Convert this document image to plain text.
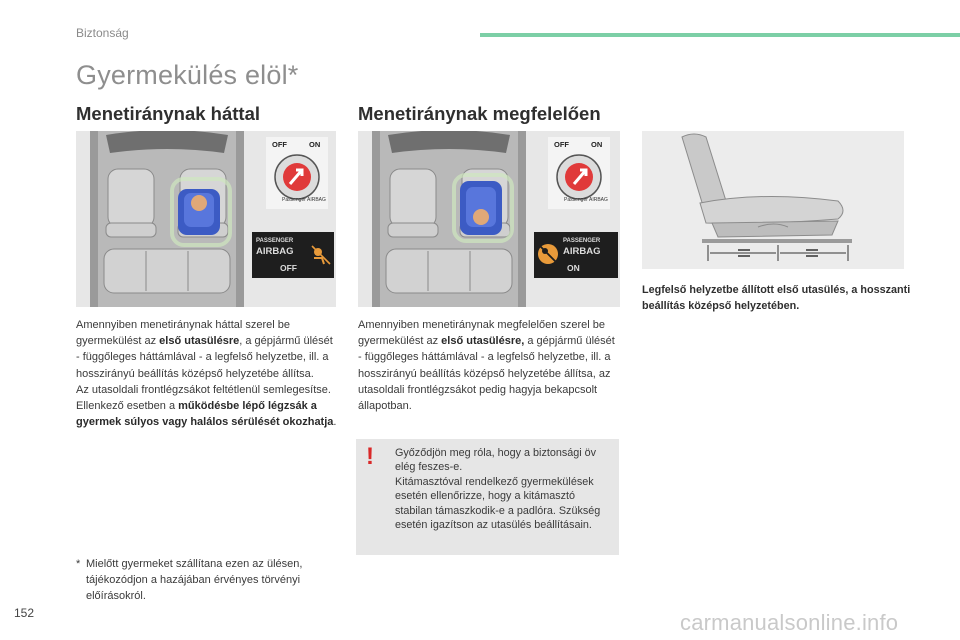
Biztonság
Gyermekülés elöl*
Menetiránynak háttal	Menetiránynak megfelelően
OFF	ON
Passenger AIRBAG
PASSENGER
AIRBAG
OFF
OFF	ON
Passenger AIRBAG
PASSENGER
AIRBAG
ON
Legfelső helyzetbe állított első utasülés, a hosszanti beállítás középső helyzetében.
Amennyiben menetiránynak háttal szerel be gyermekülést az első utasülésre, a gépjármű ülését - függőleges háttámlával - a legfelső helyzetbe, ill. a hosszirányú beállítás középső helyzetébe állítsa.
Az utasoldali frontlégzsákot feltétlenül semlegesítse. Ellenkező esetben a működésbe lépő légzsák a gyermek súlyos vagy halálos sérülését okozhatja.
Amennyiben menetiránynak megfelelően szerel be gyermekülést az első utasülésre, a gépjármű ülését - függőleges háttámlával - a legfelső helyzetbe, ill. a hosszirányú beállítás középső helyzetébe állítsa, az utasoldali frontlégzsákot pedig hagyja bekapcsolt állapotban.
! Győződjön meg róla, hogy a biztonsági öv elég feszes-e.
Kitámasztóval rendelkező gyermekülések esetén ellenőrizze, hogy a kitámasztó stabilan támaszkodik-e a padlóra. Szükség esetén igazítson az utasülés beállításain.
* Mielőtt gyermeket szállítana ezen az ülésen, tájékozódjon a hazájában érvényes törvényi előírásokról.
152	carmanualsonline.info
